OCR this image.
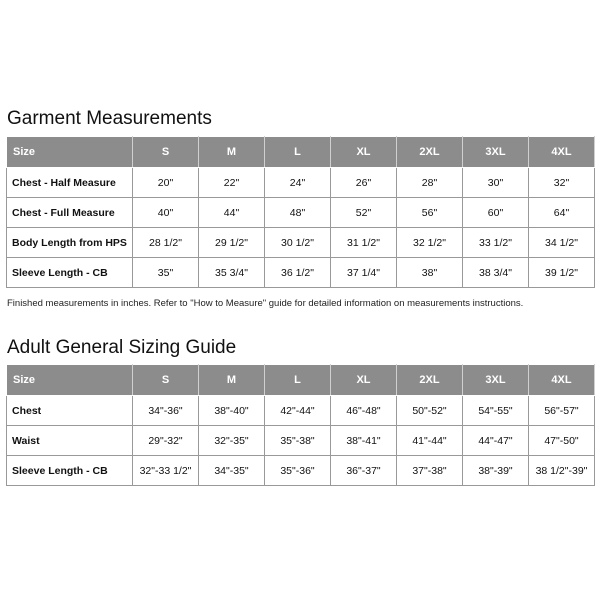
Garment Measurements
Size	S	M	L	XL	2XL	3XL	4XL
Chest - Half Measure	20"	22"	24"	26"	28"	30"	32"
Chest - Full Measure	40"	44"	48"	52"	56"	60"	64"
Body Length from HPS	28 1/2"	29 1/2"	30 1/2"	31 1/2"	32 1/2"	33 1/2"	34 1/2"
Sleeve Length - CB	35"	35 3/4"	36 1/2"	37 1/4"	38"	38 3/4"	39 1/2"
Finished measurements in inches. Refer to "How to Measure" guide for detailed information on measurements instructions.
Adult General Sizing Guide
Size	S	M	L	XL	2XL	3XL	4XL
Chest	34"-36"	38"-40"	42"-44"	46"-48"	50"-52"	54"-55"	56"-57"
Waist	29"-32"	32"-35"	35"-38"	38"-41"	41"-44"	44"-47"	47"-50"
Sleeve Length - CB	32"-33 1/2"	34"-35"	35"-36"	36"-37"	37"-38"	38"-39"	38 1/2"-39"
